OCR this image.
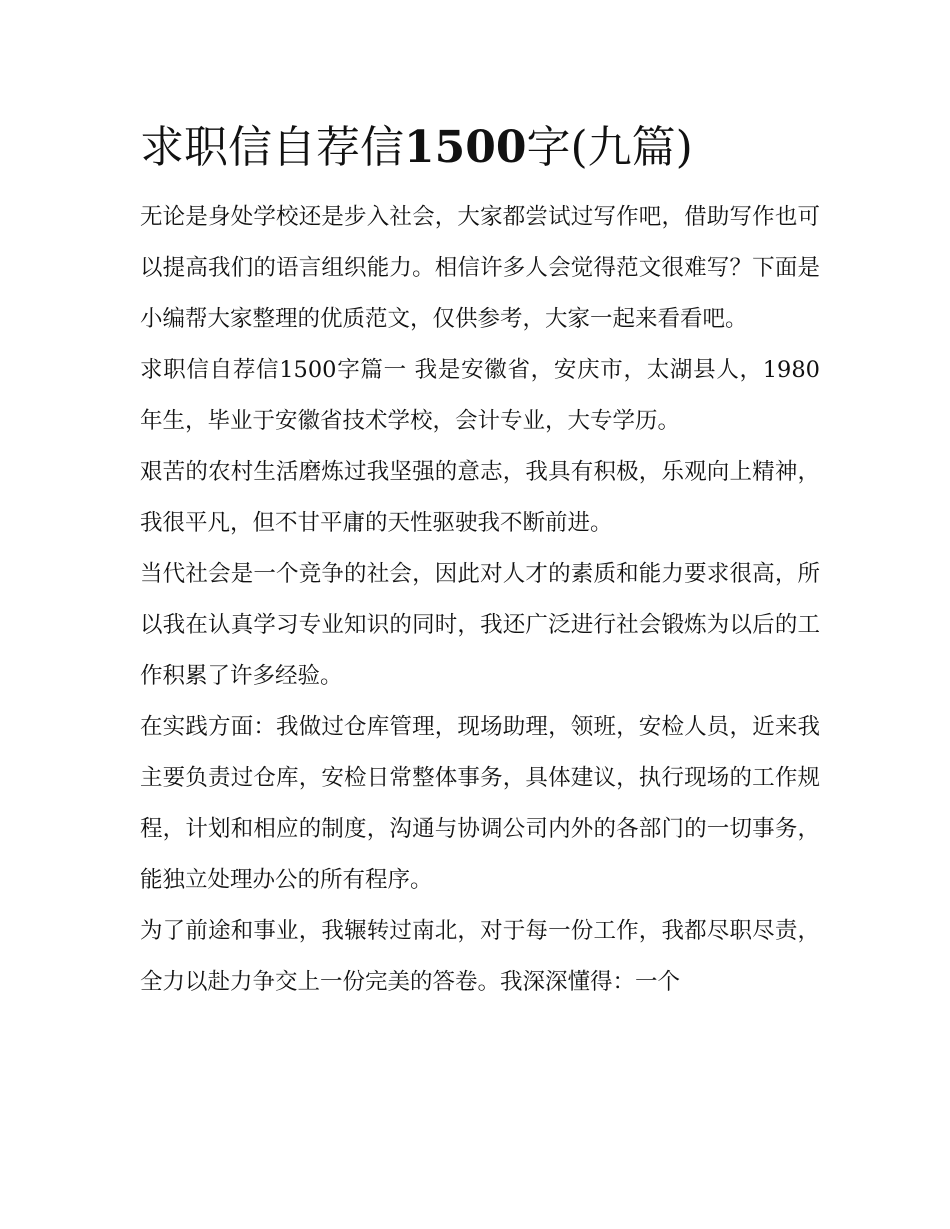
求职信自荐信1500字(九篇)

无论是身处学校还是步入社会，大家都尝试过写作吧，借助写作也可以提高我们的语言组织能力。相信许多人会觉得范文很难写？下面是小编帮大家整理的优质范文，仅供参考，大家一起来看看吧。

求职信自荐信1500字篇一 我是安徽省，安庆市，太湖县人，1980年生，毕业于安徽省技术学校，会计专业，大专学历。

艰苦的农村生活磨炼过我坚强的意志，我具有积极，乐观向上精神，我很平凡，但不甘平庸的天性驱驶我不断前进。

当代社会是一个竞争的社会，因此对人才的素质和能力要求很高，所以我在认真学习专业知识的同时，我还广泛进行社会锻炼为以后的工作积累了许多经验。

在实践方面：我做过仓库管理，现场助理，领班，安检人员，近来我主要负责过仓库，安检日常整体事务，具体建议，执行现场的工作规程，计划和相应的制度，沟通与协调公司内外的各部门的一切事务，能独立处理办公的所有程序。

为了前途和事业，我辗转过南北，对于每一份工作，我都尽职尽责，全力以赴力争交上一份完美的答卷。我深深懂得：一个
